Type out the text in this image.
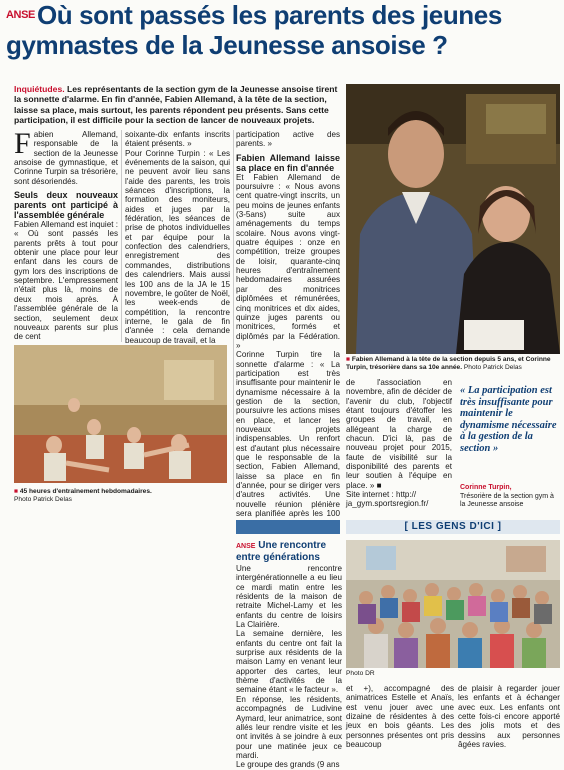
$^{ANSE}$Où sont passés les parents des jeunes gymnastes de la Jeunesse ansoise ?
Inquiétudes. Les représentants de la section gym de la Jeunesse ansoise tirent la sonnette d'alarme. En fin d'année, Fabien Allemand, à la tête de la section, laisse sa place, mais surtout, les parents répondent peu présents. Sans cette participation, il est difficile pour la section de lancer de nouveaux projets.

Fabien Allemand, responsable de la section de la Jeunesse ansoise de gymnastique, et Corinne Turpin sa trésorière, sont désoriendés.

Seuls deux nouveaux parents ont participé à l'assemblée générale

Fabien Allemand est inquiet : « Où sont passés les parents prêts à tout pour obtenir une place pour leur enfant dans les cours de gym lors des inscriptions de septembre. L'empressement n'était plus là, moins de deux mois après. À l'assemblée générale de la section, seulement deux nouveaux parents sur plus de cent

soixante-dix enfants inscrits étaient présents. »

Pour Corinne Turpin : « Les événements de la saison, qui ne peuvent avoir lieu sans l'aide des parents, les trois séances d'inscriptions, la formation des moniteurs, aides et juges par la fédération, les séances de prise de photos individuelles et par équipe pour la confection des calendriers, enregistrement des commandes, distributions des calendriers. Mais aussi les 100 ans de la JA le 15 novembre, le goûter de Noël, les week-ends de compétition, la rencontre interne, le gala de fin d'année : cela demande beaucoup de travail, et la

participation active des parents. »

Fabien Allemand laisse sa place en fin d'année

Et Fabien Allemand de poursuivre : « Nous avons cent quatre-vingt inscrits, un peu moins de jeunes enfants (3-5ans) suite aux aménagements du temps scolaire. Nous avons vingt-quatre équipes : onze en compétition, treize groupes de loisir, quarante-cinq heures d'entraînement hebdomadaires assurées par des monitrices diplômées et rémunérées, cinq monitrices et dix aides, quinze juges parents ou monitrices, formés et diplômés par la Fédération. »

Corinne Turpin tire la sonnette d'alarme : « La participation est très insuffisante pour maintenir le dynamisme nécessaire à la gestion de la section, poursuivre les actions mises en place, et lancer les nouveaux projets indispensables. Un renfort est d'autant plus nécessaire que le responsable de la section, Fabien Allemand, laisse sa place en fin d'année, pour se diriger vers d'autres activités. Une nouvelle réunion plénière sera planifiée après les 100

■ Fabien Allemand à la tête de la section depuis 5 ans, et Corinne Turpin, trésorière dans sa 10e année. Photo Patrick Delas
■ 45 heures d'entraînement hebdomadaires.
Photo Patrick Delas

de l'association en novembre, afin de décider de l'avenir du club, l'objectif étant toujours d'étoffer les groupes de travail, en allégeant la charge de chacun. D'ici là, pas de nouveau projet pour 2015, faute de visibilité sur la disponibilité des parents et leur soutien à l'équipe en place. » ■

Site internet : http://

ja_gym.sportsregion.fr/

« La participation est très insuffisante pour maintenir le dynamisme nécessaire à la gestion de la section »
Corinne Turpin,
Trésorière de la section gym à la Jeunesse ansoise
[ LES GENS D'ICI ]
ANSE Une rencontre entre générations

Une rencontre intergénérationnelle a eu lieu ce mardi matin entre les résidents de la maison de retraite Michel-Lamy et les enfants du centre de loisirs La Clairière.

La semaine dernière, les enfants du centre ont fait la surprise aux résidents de la maison Lamy en venant leur apporter des cartes, leur thème d'activités de la semaine étant « le facteur ».

En réponse, les résidents, accompagnés de Ludivine Aymard, leur animatrice, sont allés leur rendre visite et les ont invités à se joindre à eux pour une matinée jeux ce mardi.

Le groupe des grands (9 ans

Photo DR

et +), accompagné des animatrices Estelle et Anaïs, est venu jouer avec une dizaine de résidentes à des jeux en bois géants. Les personnes présentes ont pris beaucoup

de plaisir à regarder jouer les enfants et à échanger avec eux. Les enfants ont cette fois-ci encore apporté des jolis mots et des dessins aux personnes âgées ravies.
